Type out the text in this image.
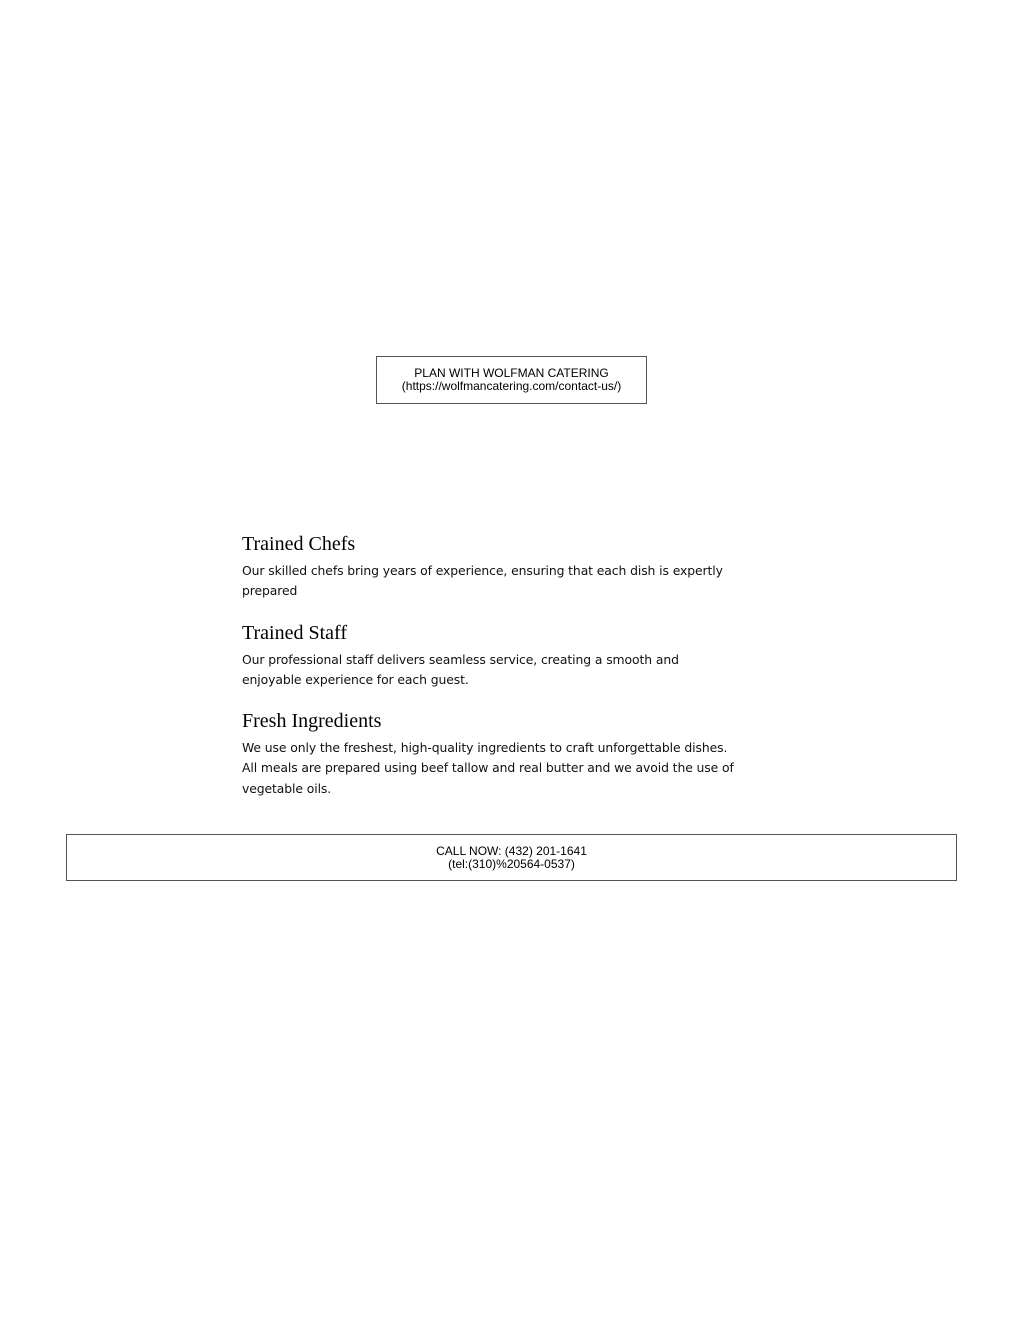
PLAN WITH WOLFMAN CATERING
(https://wolfmancatering.com/contact-us/)
Trained Chefs

Our skilled chefs bring years of experience, ensuring that each dish is expertly prepared

Trained Staff

Our professional staff delivers seamless service, creating a smooth and enjoyable experience for each guest.

Fresh Ingredients

We use only the freshest, high-quality ingredients to craft unforgettable dishes. All meals are prepared using beef tallow and real butter and we avoid the use of vegetable oils.

CALL NOW: (432) 201-1641
(tel:(310)%20564-0537)
